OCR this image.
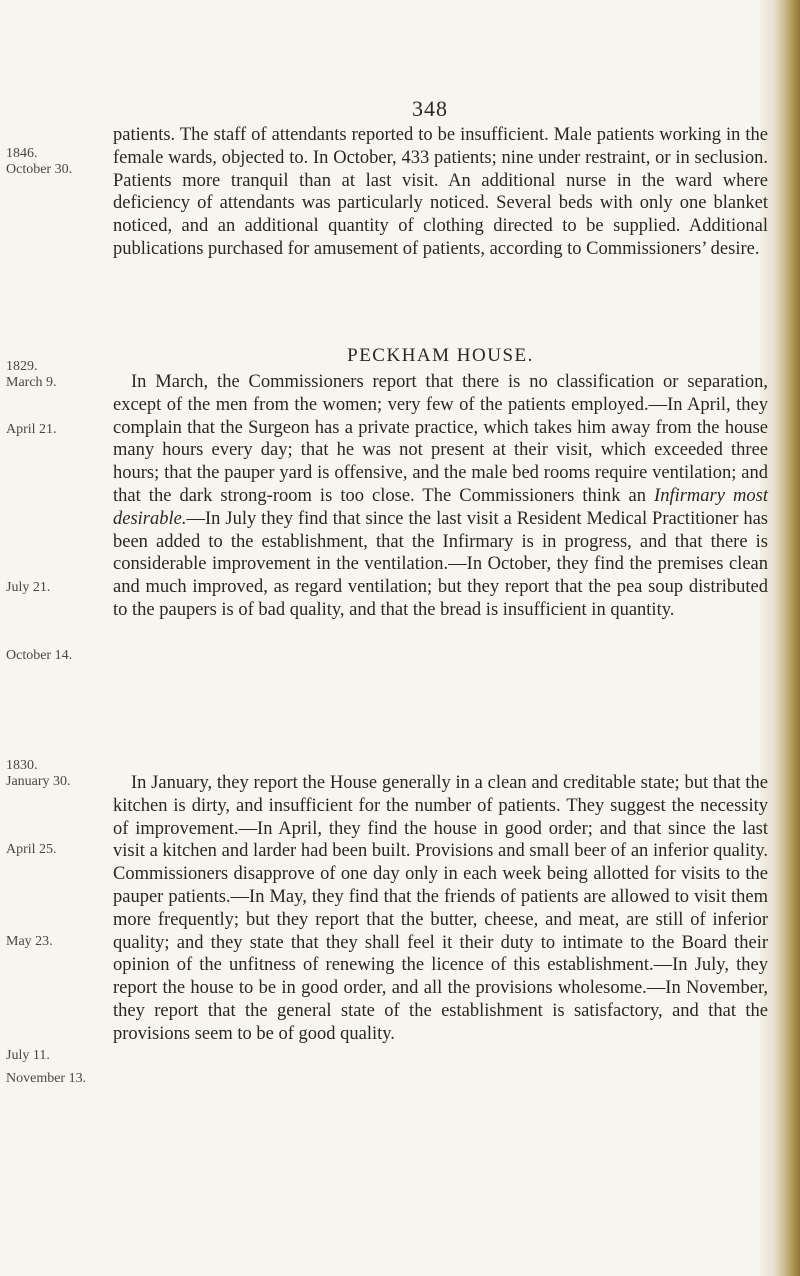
348
1846.
October 30.
1829.
March 9.
April 21.
July 21.
October 14.
1830.
January 30.
April 25.
May 23.
July 11.
November 13.

patients. The staff of attendants reported to be insufficient. Male patients working in the female wards, objected to. In October, 433 patients; nine under restraint, or in seclusion. Patients more tranquil than at last visit. An additional nurse in the ward where deficiency of attendants was particularly noticed. Several beds with only one blanket noticed, and an additional quantity of clothing directed to be supplied. Additional publications purchased for amusement of patients, according to Commissioners’ desire.

PECKHAM HOUSE.

In March, the Commissioners report that there is no classification or separation, except of the men from the women; very few of the patients employed.—In April, they complain that the Surgeon has a private practice, which takes him away from the house many hours every day; that he was not present at their visit, which exceeded three hours; that the pauper yard is offensive, and the male bed rooms require ventilation; and that the dark strong-room is too close. The Commissioners think an Infirmary most desirable.—In July they find that since the last visit a Resident Medical Practitioner has been added to the establishment, that the Infirmary is in progress, and that there is considerable improvement in the ventilation.—In October, they find the premises clean and much improved, as regard ventilation; but they report that the pea soup distributed to the paupers is of bad quality, and that the bread is insufficient in quantity.

In January, they report the House generally in a clean and creditable state; but that the kitchen is dirty, and insufficient for the number of patients. They suggest the necessity of improvement.—In April, they find the house in good order; and that since the last visit a kitchen and larder had been built. Provisions and small beer of an inferior quality. Commissioners disapprove of one day only in each week being allotted for visits to the pauper patients.—In May, they find that the friends of patients are allowed to visit them more frequently; but they report that the butter, cheese, and meat, are still of inferior quality; and they state that they shall feel it their duty to intimate to the Board their opinion of the unfitness of renewing the licence of this establishment.—In July, they report the house to be in good order, and all the provisions wholesome.—In November, they report that the general state of the establishment is satisfactory, and that the provisions seem to be of good quality.
